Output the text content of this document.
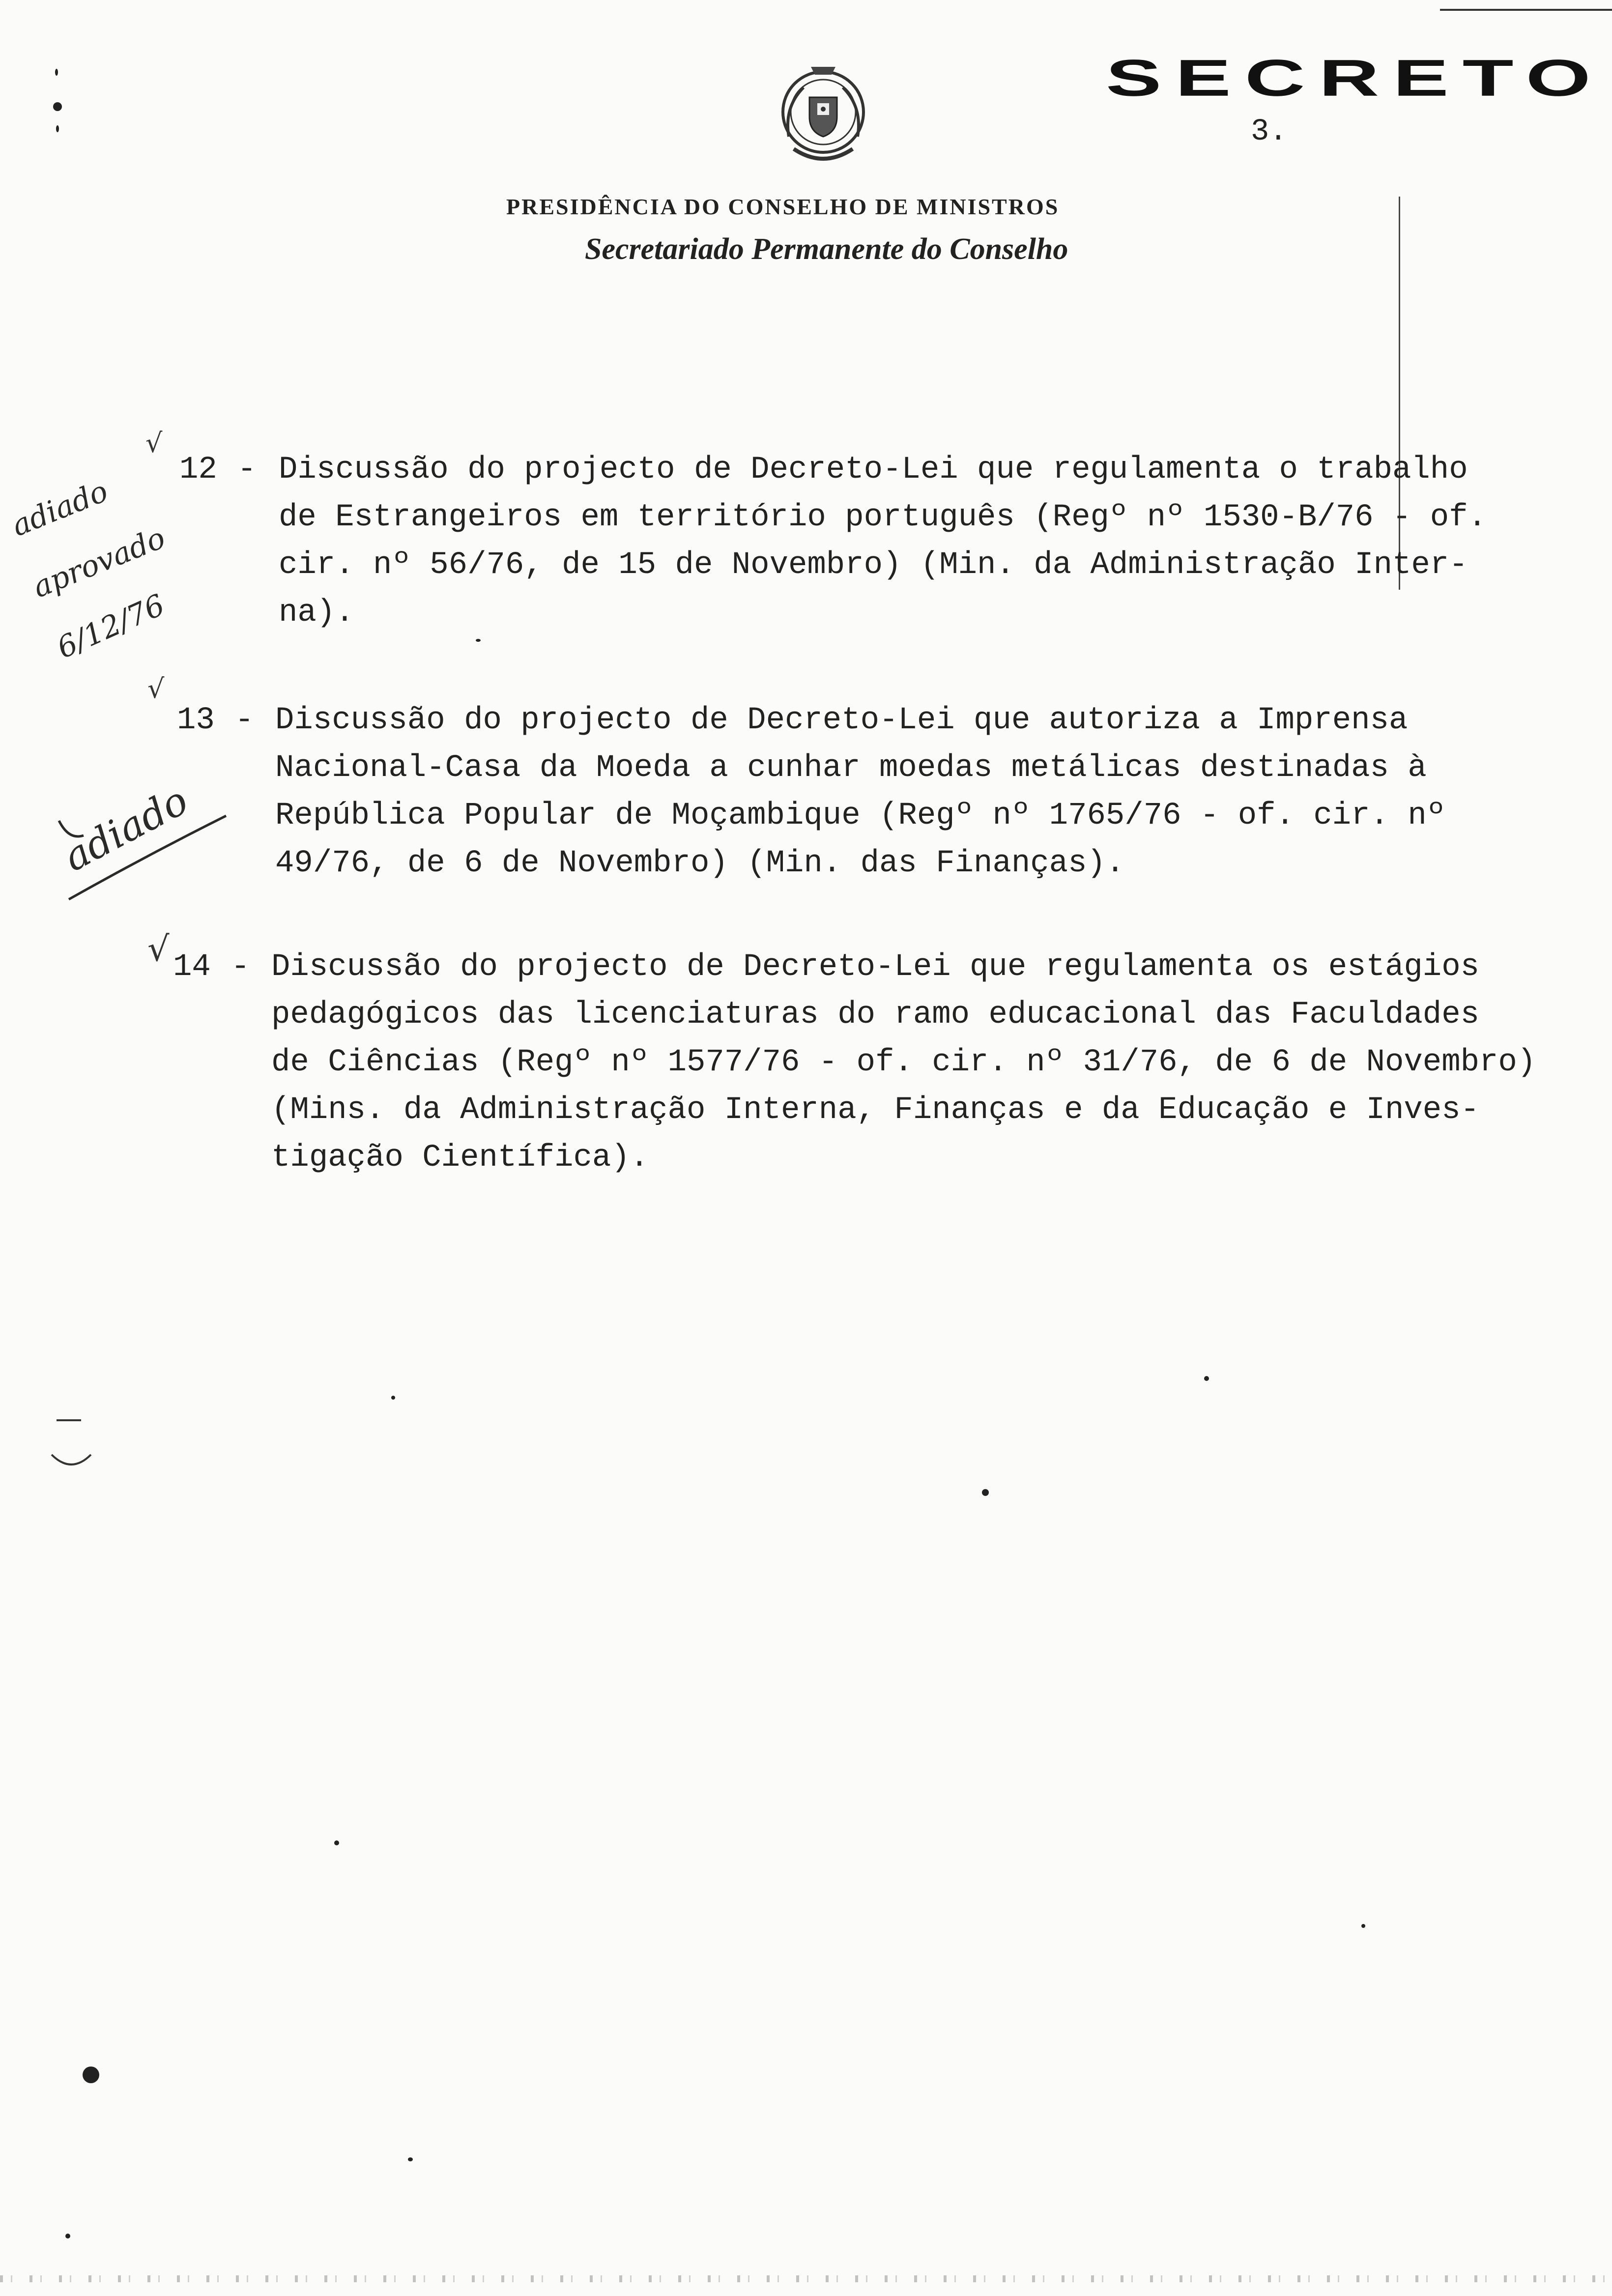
SECRETO
3.
PRESIDÊNCIA DO CONSELHO DE MINISTROS
Secretariado Permanente do Conselho
√
12 - Discussão do projecto de Decreto-Lei que regulamenta o trabalho
de Estrangeiros em território português (Regº nº 1530-B/76 - of.
cir. nº 56/76, de 15 de Novembro) (Min. da Administração Inter-
na).
adiado
aprovado
6/12/76
√
13 - Discussão do projecto de Decreto-Lei que autoriza a Imprensa
Nacional-Casa da Moeda a cunhar moedas metálicas destinadas à
República Popular de Moçambique (Regº nº 1765/76 - of. cir. nº
49/76, de 6 de Novembro) (Min. das Finanças).
adiado
√ 14 - Discussão do projecto de Decreto-Lei que regulamenta os estágios
pedagógicos das licenciaturas do ramo educacional das Faculdades
de Ciências (Regº nº 1577/76 - of. cir. nº 31/76, de 6 de Novembro)
(Mins. da Administração Interna, Finanças e da Educação e Inves-
tigação Científica).
